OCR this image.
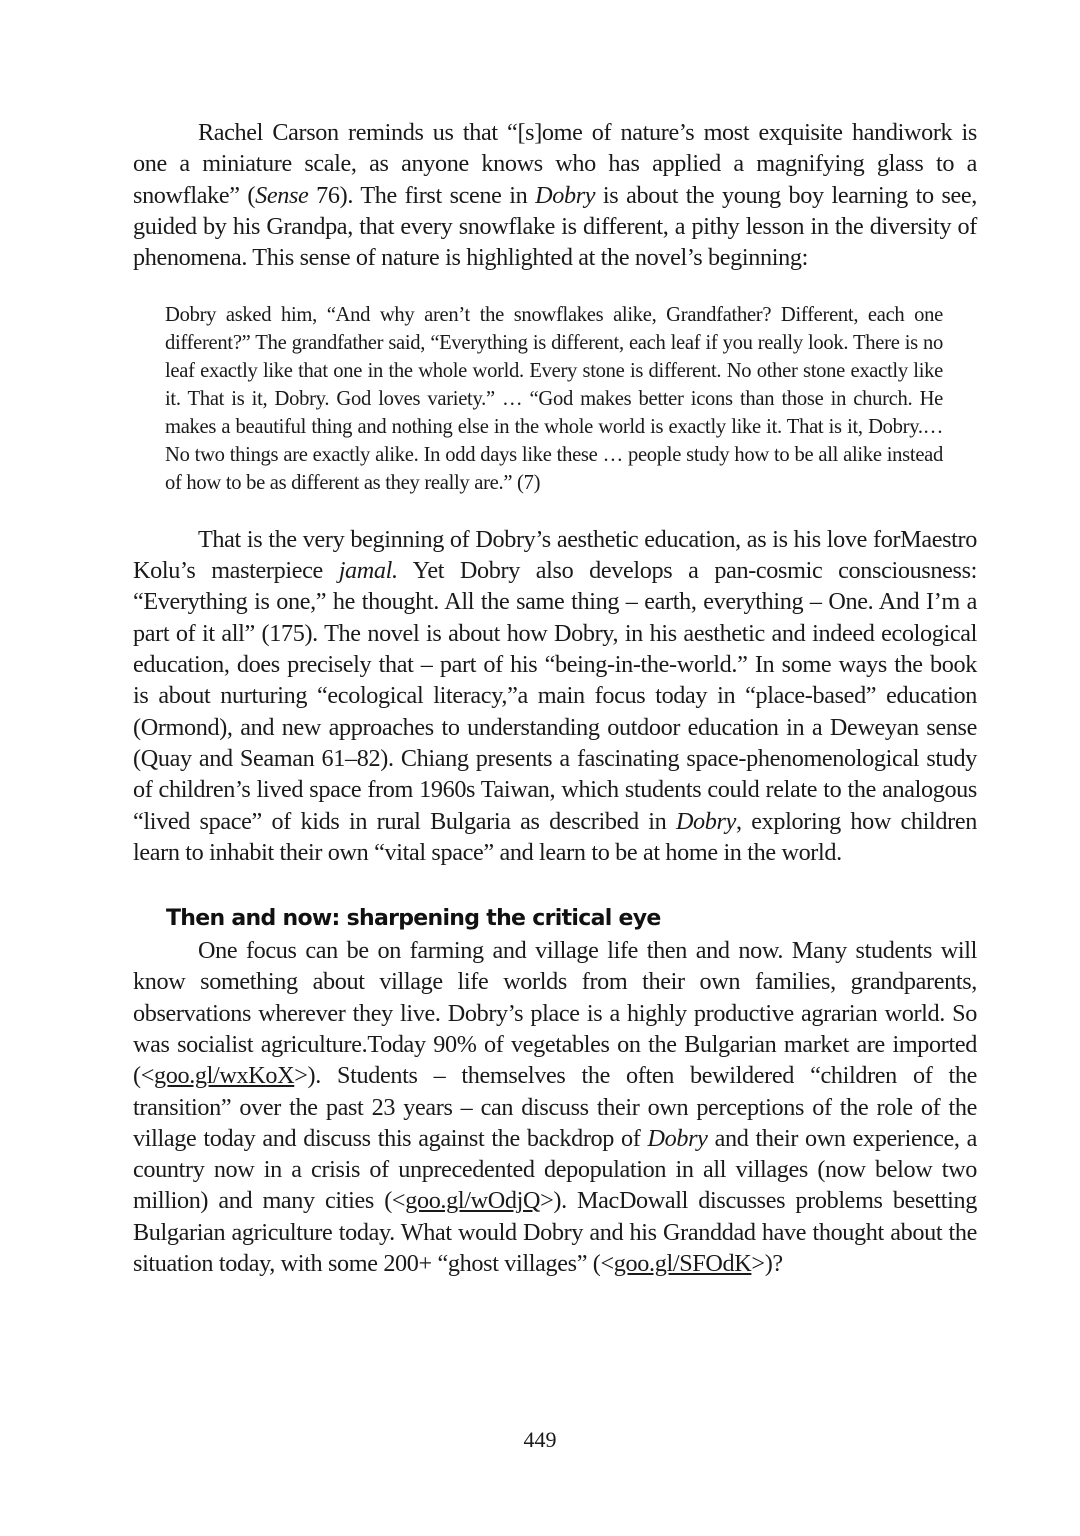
Rachel Carson reminds us that “[s]ome of nature’s most exquisite handiwork is one a miniature scale, as anyone knows who has applied a magnifying glass to a snowflake” (Sense 76). The first scene in Dobry is about the young boy learning to see, guided by his Grandpa, that every snowflake is different, a pithy lesson in the diversity of phenomena. This sense of nature is highlighted at the novel’s beginning:

Dobry asked him, “And why aren’t the snowflakes alike, Grandfather? Different, each one different?” The grandfather said, “Everything is different, each leaf if you really look. There is no leaf exactly like that one in the whole world. Every stone is different. No other stone exactly like it. That is it, Dobry. God loves variety.” … “God makes better icons than those in church. He makes a beautiful thing and nothing else in the whole world is exactly like it. That is it, Dobry.…No two things are exactly alike. In odd days like these … people study how to be all alike instead of how to be as different as they really are.” (7)

That is the very beginning of Dobry’s aesthetic education, as is his love forMaestro Kolu’s masterpiece jamal. Yet Dobry also develops a pan-cosmic consciousness: “Everything is one,” he thought. All the same thing – earth, everything – One. And I’m a part of it all” (175). The novel is about how Dobry, in his aesthetic and indeed ecological education, does precisely that – part of his “being-in-the-world.” In some ways the book is about nurturing “ecological literacy,”a main focus today in “place-based” education (Ormond), and new approaches to understanding outdoor education in a Deweyan sense (Quay and Seaman 61–82). Chiang presents a fascinating space-phenomenological study of children’s lived space from 1960s Taiwan, which students could relate to the analogous “lived space” of kids in rural Bulgaria as described in Dobry, exploring how children learn to inhabit their own “vital space” and learn to be at home in the world.

Then and now: sharpening the critical eye

One focus can be on farming and village life then and now. Many students will know something about village life worlds from their own families, grandparents, observations wherever they live. Dobry’s place is a highly productive agrarian world. So was socialist agriculture.Today 90% of vegetables on the Bulgarian market are imported (<goo.gl/wxKoX>). Students – themselves the often bewildered “children of the transition” over the past 23 years – can discuss their own perceptions of the role of the village today and discuss this against the backdrop of Dobry and their own experience, a country now in a crisis of unprecedented depopulation in all villages (now below two million) and many cities (<goo.gl/wOdjQ>). MacDowall discusses problems besetting Bulgarian agriculture today. What would Dobry and his Granddad have thought about the situation today, with some 200+ “ghost villages” (<goo.gl/SFOdK>)?

449
